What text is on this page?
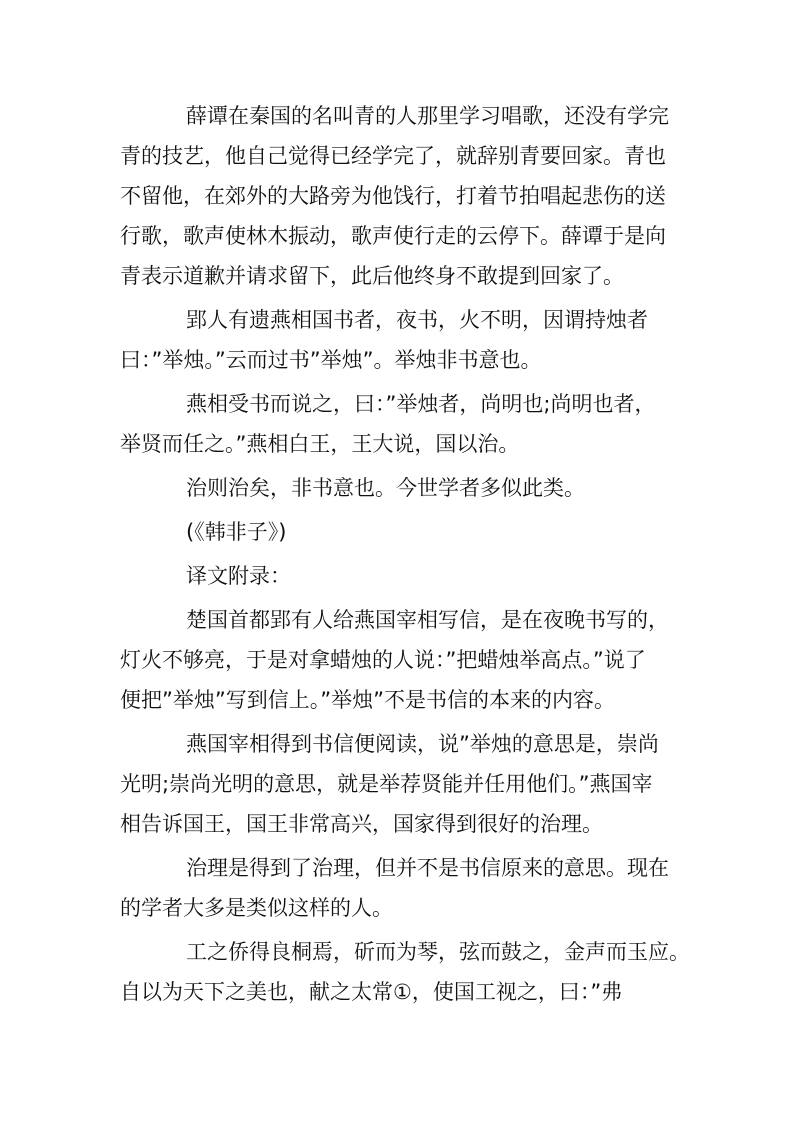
薛谭在秦国的名叫青的人那里学习唱歌，还没有学完
青的技艺，他自己觉得已经学完了，就辞别青要回家。青也
不留他，在郊外的大路旁为他饯行，打着节拍唱起悲伤的送
行歌，歌声使林木振动，歌声使行走的云停下。薛谭于是向
青表示道歉并请求留下，此后他终身不敢提到回家了。
郢人有遗燕相国书者，夜书，火不明，因谓持烛者
曰：”举烛。”云而过书”举烛”。举烛非书意也。
燕相受书而说之，曰：”举烛者，尚明也;尚明也者，
举贤而任之。”燕相白王，王大说，国以治。
治则治矣，非书意也。今世学者多似此类。
(《韩非子》)
译文附录：
楚国首都郢有人给燕国宰相写信，是在夜晚书写的，
灯火不够亮，于是对拿蜡烛的人说：”把蜡烛举高点。”说了
便把”举烛”写到信上。”举烛”不是书信的本来的内容。
燕国宰相得到书信便阅读，说”举烛的意思是，崇尚
光明;崇尚光明的意思，就是举荐贤能并任用他们。”燕国宰
相告诉国王，国王非常高兴，国家得到很好的治理。
治理是得到了治理，但并不是书信原来的意思。现在
的学者大多是类似这样的人。
工之侨得良桐焉，斫而为琴，弦而鼓之，金声而玉应。
自以为天下之美也，献之太常①，使国工视之，曰：”弗
